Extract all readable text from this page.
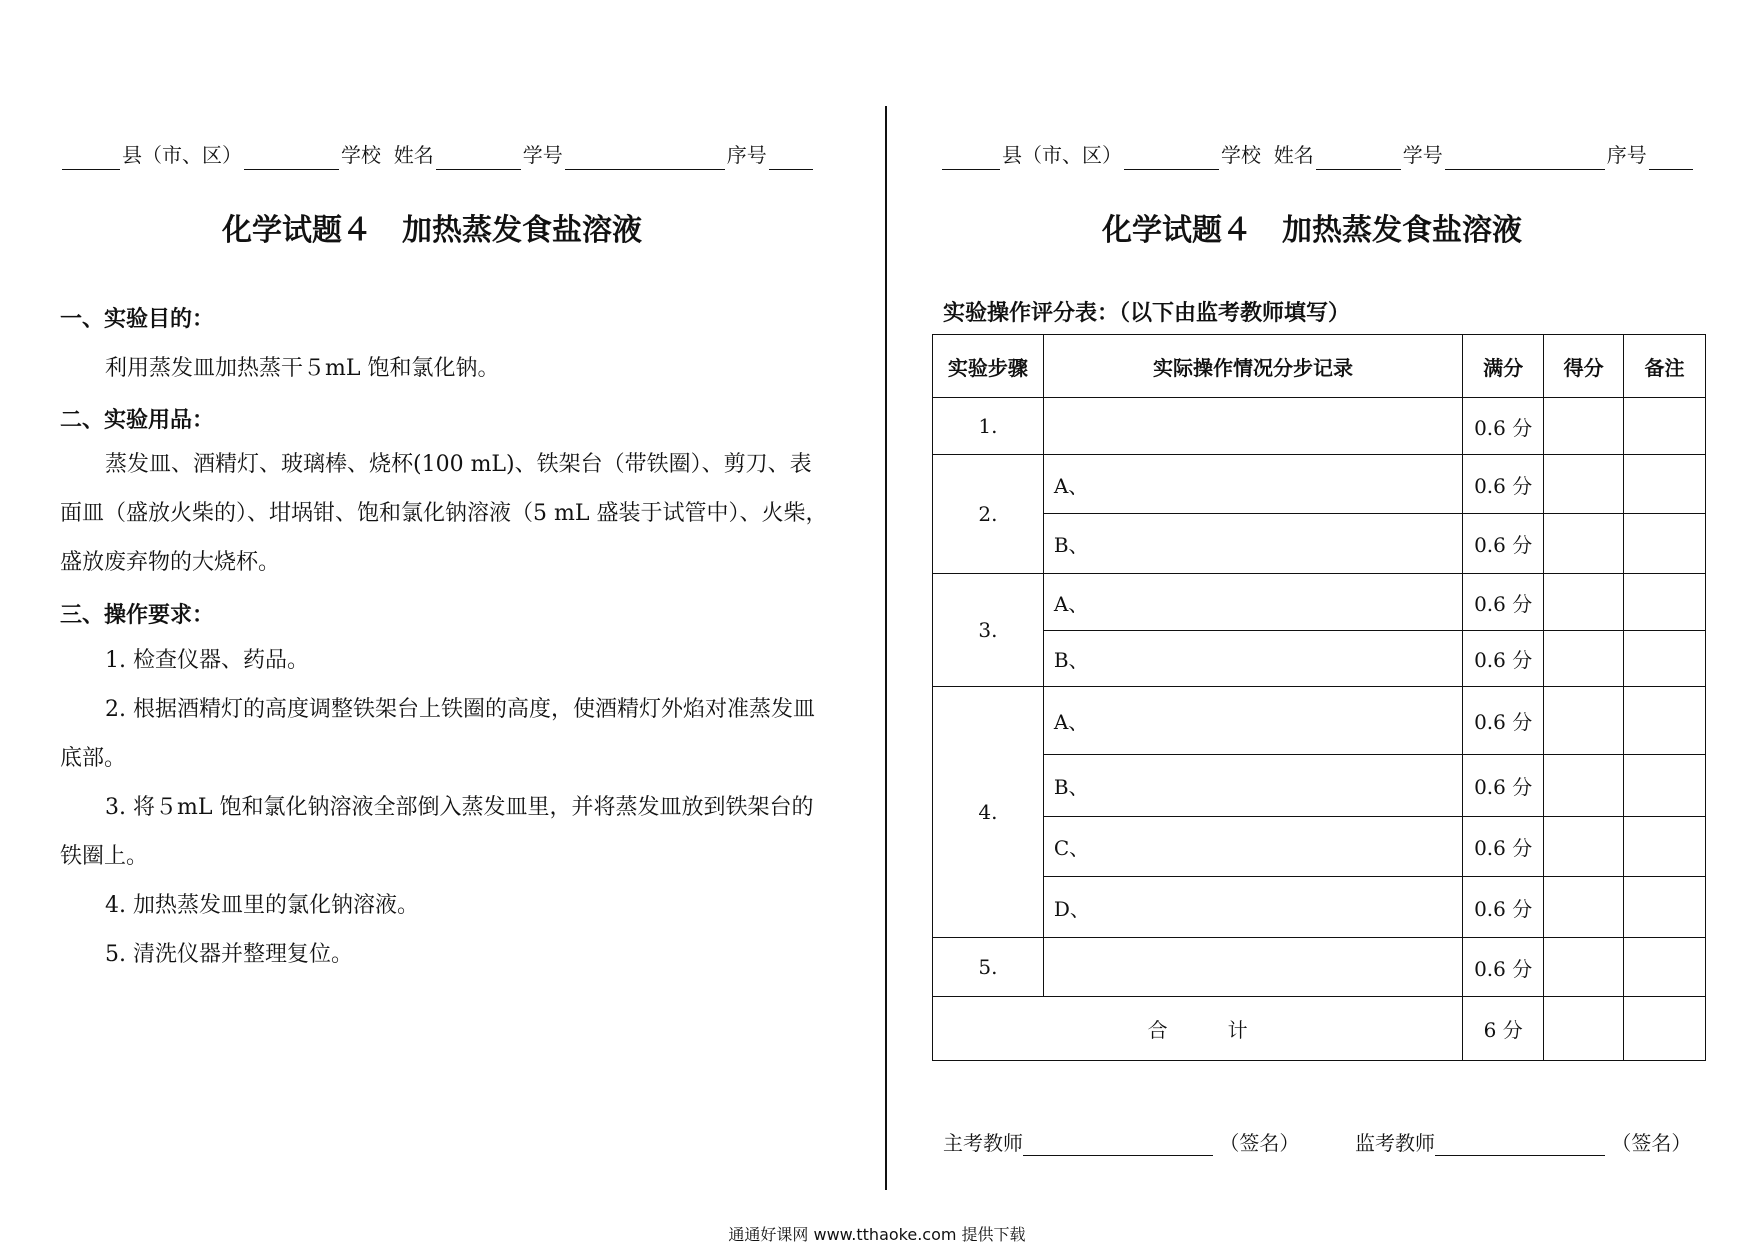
县（市、区）	学校 姓名	学号	序号
化学试题４　加热蒸发食盐溶液
一、实验目的：
利用蒸发皿加热蒸干５mL 饱和氯化钠。
二、实验用品：
蒸发皿、酒精灯、玻璃棒、烧杯(100 mL)、铁架台（带铁圈）、剪刀、表面皿（盛放火柴的）、坩埚钳、饱和氯化钠溶液（5 mL 盛装于试管中）、火柴，盛放废弃物的大烧杯。
三、操作要求：
1. 检查仪器、药品。
2. 根据酒精灯的高度调整铁架台上铁圈的高度，使酒精灯外焰对准蒸发皿底部。
3. 将５mL 饱和氯化钠溶液全部倒入蒸发皿里，并将蒸发皿放到铁架台的铁圈上。
4. 加热蒸发皿里的氯化钠溶液。
5. 清洗仪器并整理复位。
县（市、区）	学校 姓名	学号	序号
化学试题４　加热蒸发食盐溶液
实验操作评分表：（以下由监考教师填写）
实验步骤	实际操作情况分步记录	满分	得分	备注
1.		0.6 分		
2.	A、	0.6 分		
	B、	0.6 分		
3.	A、	0.6 分		
	B、	0.6 分		
4.	A、	0.6 分		
	B、	0.6 分		
	C、	0.6 分		
	D、	0.6 分		
5.		0.6 分		
合　　　计		6 分		
主考教师	（签名）	监考教师	（签名）
通通好课网 www.tthaoke.com 提供下载
